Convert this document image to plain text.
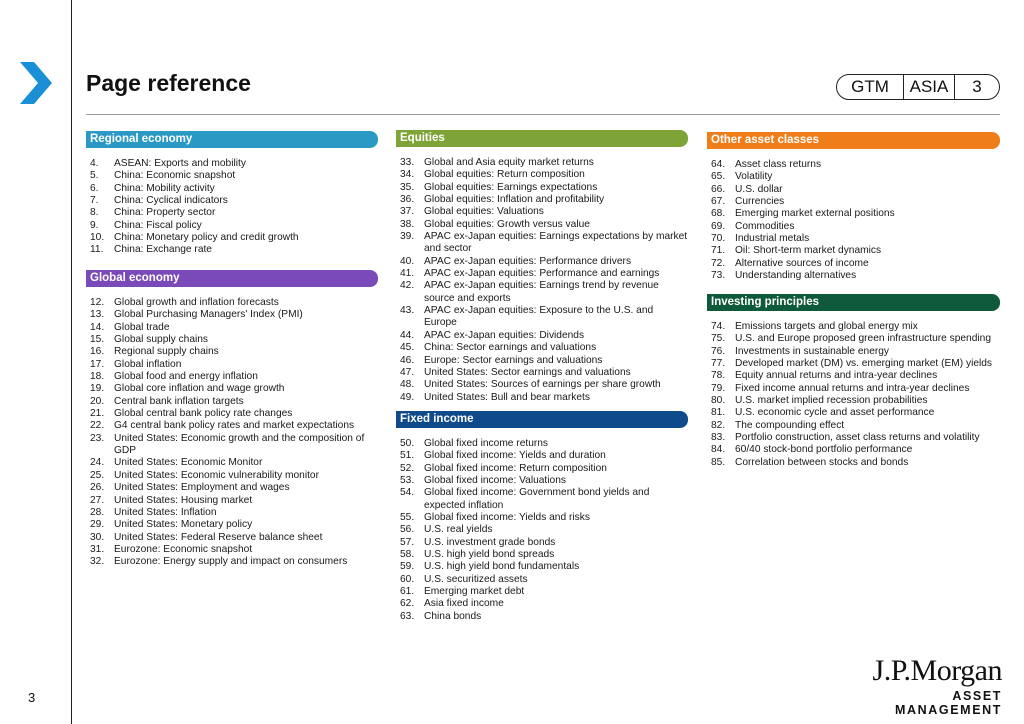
Page reference	GTM	ASIA	3
Regional economy
4.	ASEAN: Exports and mobility
5.	China: Economic snapshot
6.	China: Mobility activity
7.	China: Cyclical indicators
8.	China: Property sector
9.	China: Fiscal policy
10. China: Monetary policy and credit growth
11.	China: Exchange rate
Global economy
12. Global growth and inflation forecasts
13. Global Purchasing Managers' Index (PMI)
14. Global trade
15. Global supply chains
16. Regional supply chains
17. Global inflation
18. Global food and energy inflation
19. Global core inflation and wage growth
20. Central bank inflation targets
21. Global central bank policy rate changes
22. G4 central bank policy rates and market expectations
23. United States: Economic growth and the composition of GDP
24. United States: Economic Monitor
25. United States: Economic vulnerability monitor
26. United States: Employment and wages
27. United States: Housing market
28. United States: Inflation
29. United States: Monetary policy
30. United States: Federal Reserve balance sheet
31. Eurozone: Economic snapshot
32. Eurozone: Energy supply and impact on consumers
Equities
33. Global and Asia equity market returns
34. Global equities: Return composition
35. Global equities: Earnings expectations
36. Global equities: Inflation and profitability
37. Global equities: Valuations
38. Global equities: Growth versus value
39. APAC ex-Japan equities: Earnings expectations by market and sector
40. APAC ex-Japan equities: Performance drivers
41. APAC ex-Japan equities: Performance and earnings
42. APAC ex-Japan equities: Earnings trend by revenue source and exports
43. APAC ex-Japan equities: Exposure to the U.S. and Europe
44. APAC ex-Japan equities: Dividends
45. China: Sector earnings and valuations
46. Europe: Sector earnings and valuations
47. United States: Sector earnings and valuations
48. United States: Sources of earnings per share growth
49. United States: Bull and bear markets
Fixed income
50. Global fixed income returns
51. Global fixed income: Yields and duration
52. Global fixed income: Return composition
53. Global fixed income: Valuations
54. Global fixed income: Government bond yields and expected inflation
55. Global fixed income: Yields and risks
56. U.S. real yields
57. U.S. investment grade bonds
58. U.S. high yield bond spreads
59. U.S. high yield bond fundamentals
60. U.S. securitized assets
61. Emerging market debt
62. Asia fixed income
63. China bonds
Other asset classes
64. Asset class returns
65. Volatility
66. U.S. dollar
67. Currencies
68. Emerging market external positions
69. Commodities
70. Industrial metals
71. Oil: Short-term market dynamics
72. Alternative sources of income
73. Understanding alternatives
Investing principles
74. Emissions targets and global energy mix
75. U.S. and Europe proposed green infrastructure spending
76. Investments in sustainable energy
77. Developed market (DM) vs. emerging market (EM) yields
78. Equity annual returns and intra-year declines
79. Fixed income annual returns and intra-year declines
80. U.S. market implied recession probabilities
81. U.S. economic cycle and asset performance
82. The compounding effect
83. Portfolio construction, asset class returns and volatility
84. 60/40 stock-bond portfolio performance
85. Correlation between stocks and bonds
3
J.P.Morgan
ASSET MANAGEMENT
